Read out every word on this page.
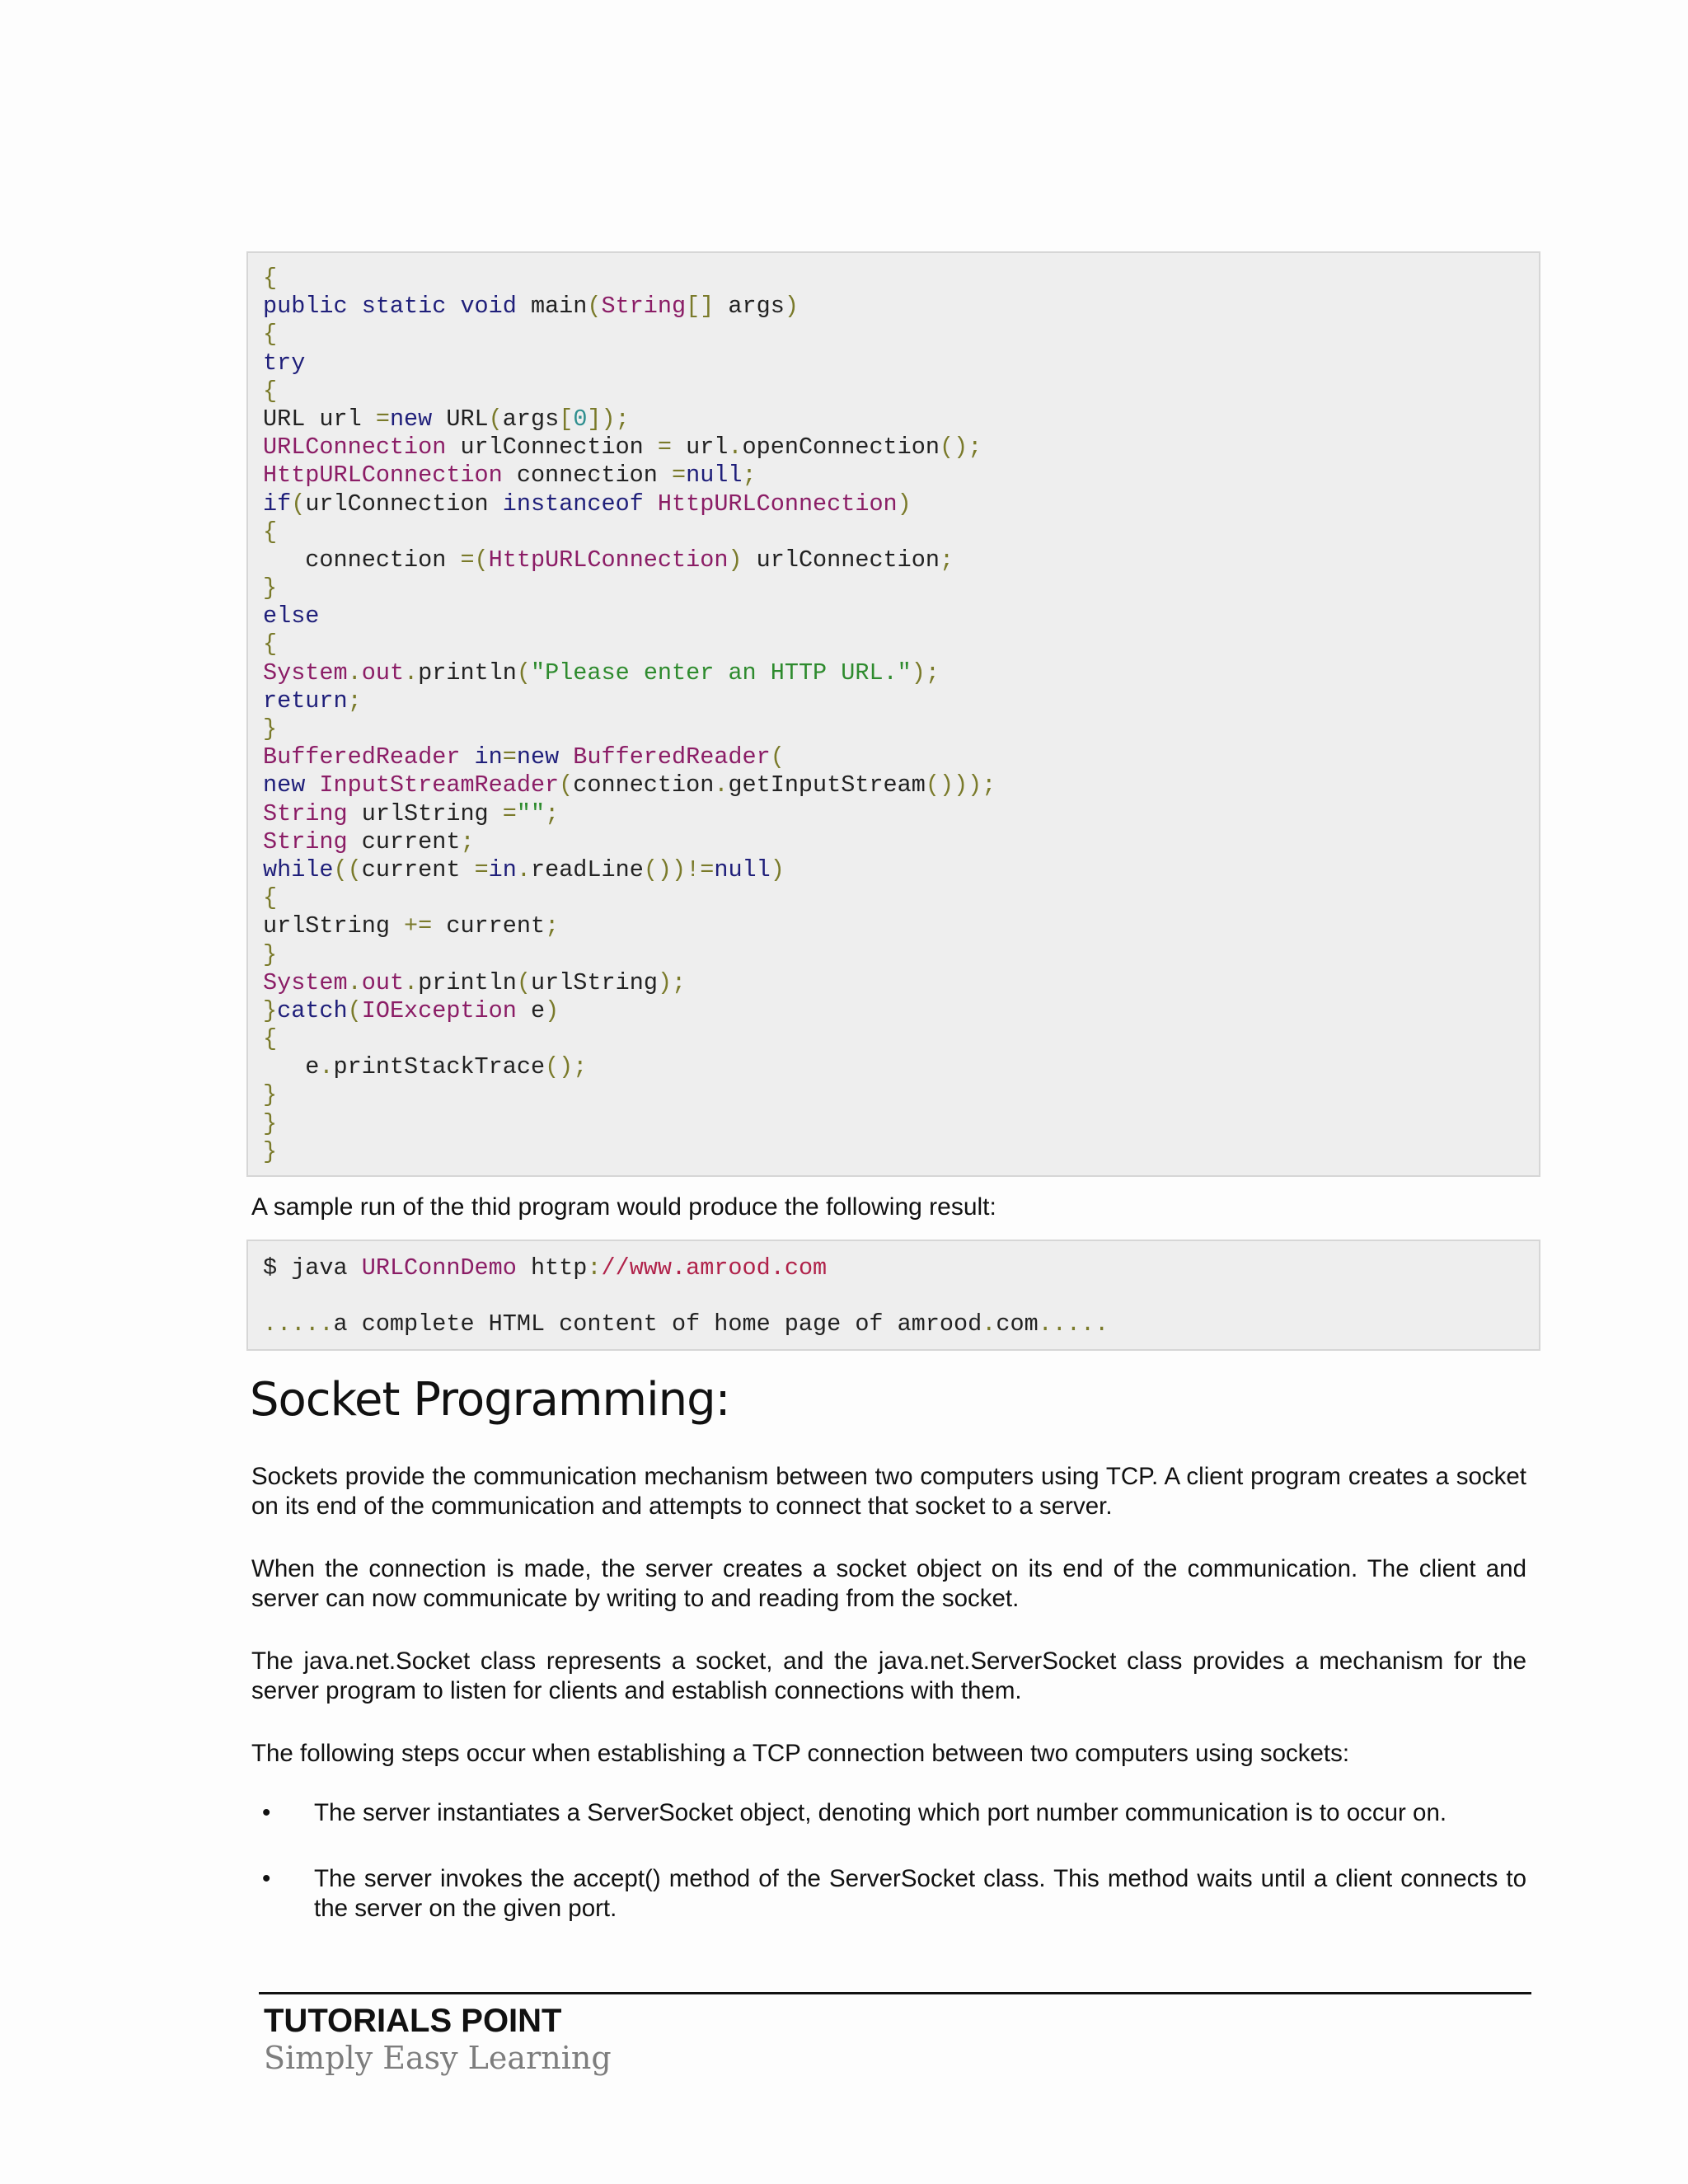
{
public static void main(String[] args)
{
try
{
URL url =new URL(args[0]);
URLConnection urlConnection = url.openConnection();
HttpURLConnection connection =null;
if(urlConnection instanceof HttpURLConnection)
{
connection =(HttpURLConnection) urlConnection;
}
else
{
System.out.println("Please enter an HTTP URL.");
return;
}
BufferedReader in=new BufferedReader(
new InputStreamReader(connection.getInputStream()));
String urlString ="";
String current;
while((current =in.readLine())!=null)
{
urlString += current;
}
System.out.println(urlString);
}catch(IOException e)
{
e.printStackTrace();
}
}
}
A sample run of the thid program would produce the following result:
$ java URLConnDemo http://www.amrood.com

.....a complete HTML content of home page of amrood.com.....
Socket Programming:

Sockets provide the communication mechanism between two computers using TCP. A client program creates a socket on its end of the communication and attempts to connect that socket to a server.

When the connection is made, the server creates a socket object on its end of the communication. The client and server can now communicate by writing to and reading from the socket.

The java.net.Socket class represents a socket, and the java.net.ServerSocket class provides a mechanism for the server program to listen for clients and establish connections with them.

The following steps occur when establishing a TCP connection between two computers using sockets:

• The server instantiates a ServerSocket object, denoting which port number communication is to occur on.
• The server invokes the accept() method of the ServerSocket class. This method waits until a client connects to the server on the given port.
TUTORIALS POINT
Simply Easy Learning
